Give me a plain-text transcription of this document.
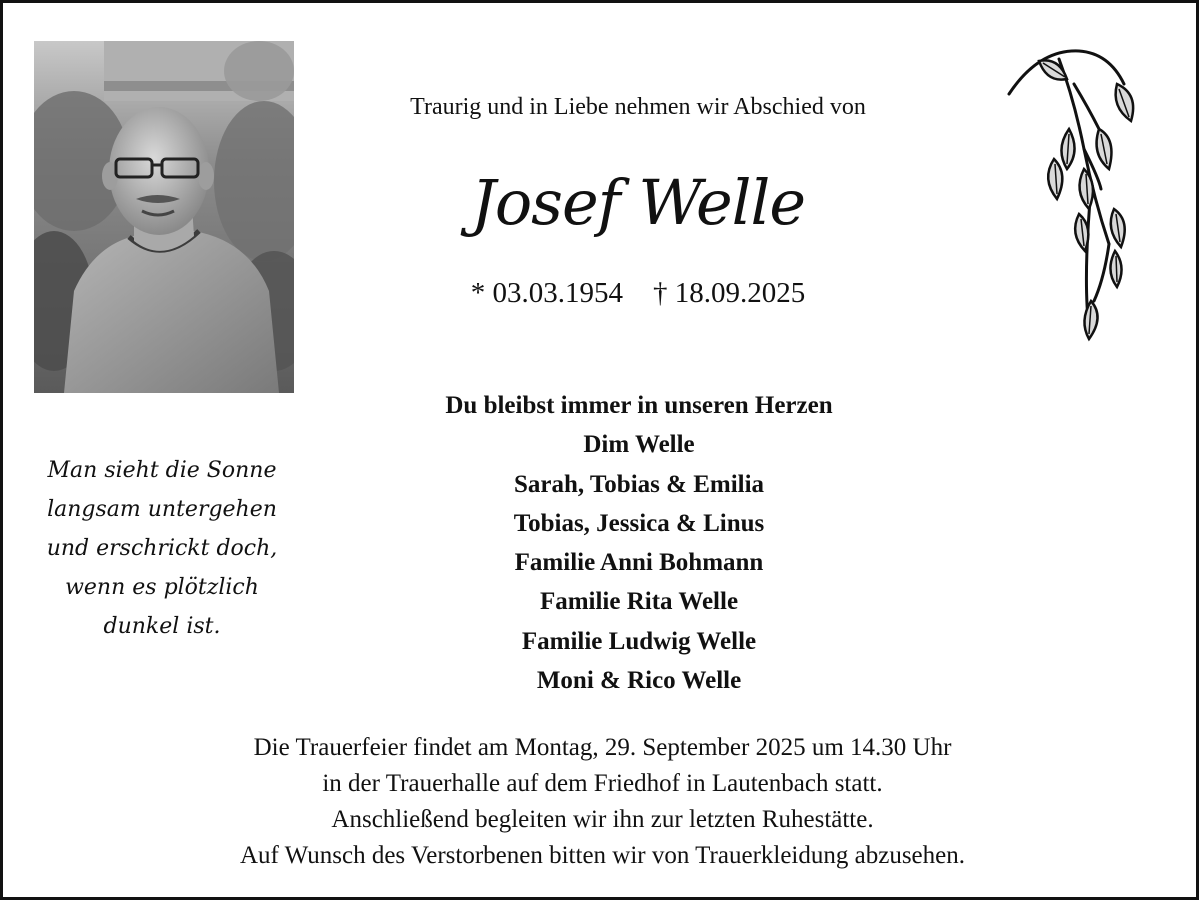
Traurig und in Liebe nehmen wir Abschied von
Josef Welle
* 03.03.1954 † 18.09.2025
Man sieht die Sonne
langsam untergehen
und erschrickt doch,
wenn es plötzlich
dunkel ist.
Du bleibst immer in unseren Herzen
Dim Welle
Sarah, Tobias & Emilia
Tobias, Jessica & Linus
Familie Anni Bohmann
Familie Rita Welle
Familie Ludwig Welle
Moni & Rico Welle
Die Trauerfeier findet am Montag, 29. September 2025 um 14.30 Uhr
in der Trauerhalle auf dem Friedhof in Lautenbach statt.
Anschließend begleiten wir ihn zur letzten Ruhestätte.
Auf Wunsch des Verstorbenen bitten wir von Trauerkleidung abzusehen.
